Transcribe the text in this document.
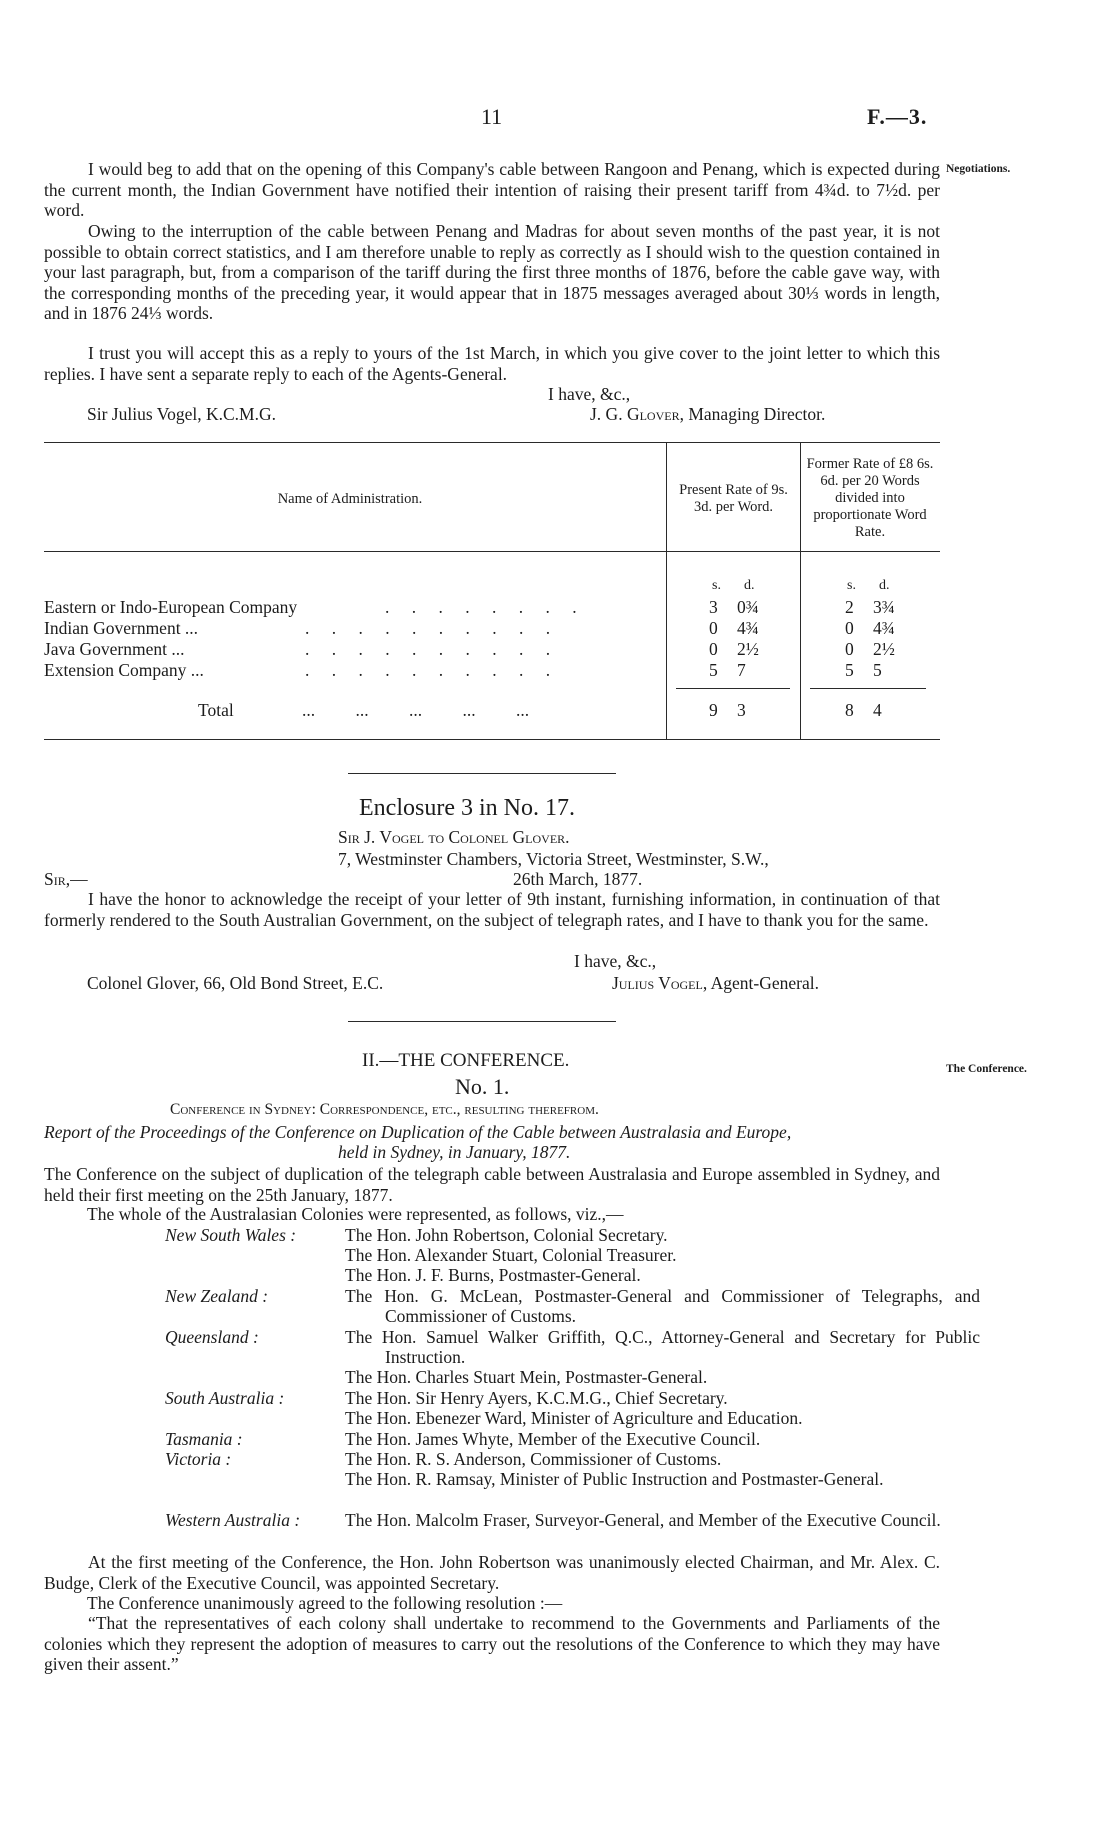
11	F.—3.
Negotiations.
The Conference.
I would beg to add that on the opening of this Company's cable between Rangoon and Penang, which is expected during the current month, the Indian Government have notified their intention of raising their present tariff from 4¾d. to 7½d. per word.
Owing to the interruption of the cable between Penang and Madras for about seven months of the past year, it is not possible to obtain correct statistics, and I am therefore unable to reply as correctly as I should wish to the question contained in your last paragraph, but, from a comparison of the tariff during the first three months of 1876, before the cable gave way, with the corresponding months of the preceding year, it would appear that in 1875 messages averaged about 30⅓ words in length, and in 1876 24⅓ words.
I trust you will accept this as a reply to yours of the 1st March, in which you give cover to the joint letter to which this replies. I have sent a separate reply to each of the Agents-General.
I have, &c.,
Sir Julius Vogel, K.C.M.G.	J. G. Glover, Managing Director.
Name of Administration.
Present Rate of 9s. 3d. per Word.
Former Rate of £8 6s. 6d. per 20 Words divided into proportionate Word Rate.
s. d.	s. d.
Eastern or Indo-European Company	. . . . . . . .	3 0¾	2 3¾
Indian Government ...	. . . . . . . . . .	0 4¾	0 4¾
Java Government ...	. . . . . . . . . .	0 2½	0 2½
Extension Company ...	. . . . . . . . . .	5 7	5 5
Total	... ... ... ... ...	9 3	8 4
Enclosure 3 in No. 17.
Sir J. Vogel to Colonel Glover.
7, Westminster Chambers, Victoria Street, Westminster, S.W.,
Sir,—	26th March, 1877.
I have the honor to acknowledge the receipt of your letter of 9th instant, furnishing information, in continuation of that formerly rendered to the South Australian Government, on the subject of telegraph rates, and I have to thank you for the same.
I have, &c.,
Colonel Glover, 66, Old Bond Street, E.C.	Julius Vogel, Agent-General.
II.—THE CONFERENCE.
No. 1.
Conference in Sydney: Correspondence, etc., resulting therefrom.
Report of the Proceedings of the Conference on Duplication of the Cable between Australasia and Europe,
held in Sydney, in January, 1877.
The Conference on the subject of duplication of the telegraph cable between Australasia and Europe assembled in Sydney, and held their first meeting on the 25th January, 1877.
The whole of the Australasian Colonies were represented, as follows, viz.,—
New South Wales :	The Hon. John Robertson, Colonial Secretary.
The Hon. Alexander Stuart, Colonial Treasurer.
The Hon. J. F. Burns, Postmaster-General.
New Zealand :	The Hon. G. McLean, Postmaster-General and Commissioner of Telegraphs, and Commissioner of Customs.
Queensland :	The Hon. Samuel Walker Griffith, Q.C., Attorney-General and Secretary for Public Instruction.
The Hon. Charles Stuart Mein, Postmaster-General.
South Australia :	The Hon. Sir Henry Ayers, K.C.M.G., Chief Secretary.
The Hon. Ebenezer Ward, Minister of Agriculture and Education.
Tasmania :	The Hon. James Whyte, Member of the Executive Council.
Victoria :	The Hon. R. S. Anderson, Commissioner of Customs.
The Hon. R. Ramsay, Minister of Public Instruction and Postmaster-General.
Western Australia :	The Hon. Malcolm Fraser, Surveyor-General, and Member of the Executive Council.
At the first meeting of the Conference, the Hon. John Robertson was unanimously elected Chairman, and Mr. Alex. C. Budge, Clerk of the Executive Council, was appointed Secretary.
The Conference unanimously agreed to the following resolution :—
“That the representatives of each colony shall undertake to recommend to the Governments and Parliaments of the colonies which they represent the adoption of measures to carry out the resolutions of the Conference to which they may have given their assent.”
